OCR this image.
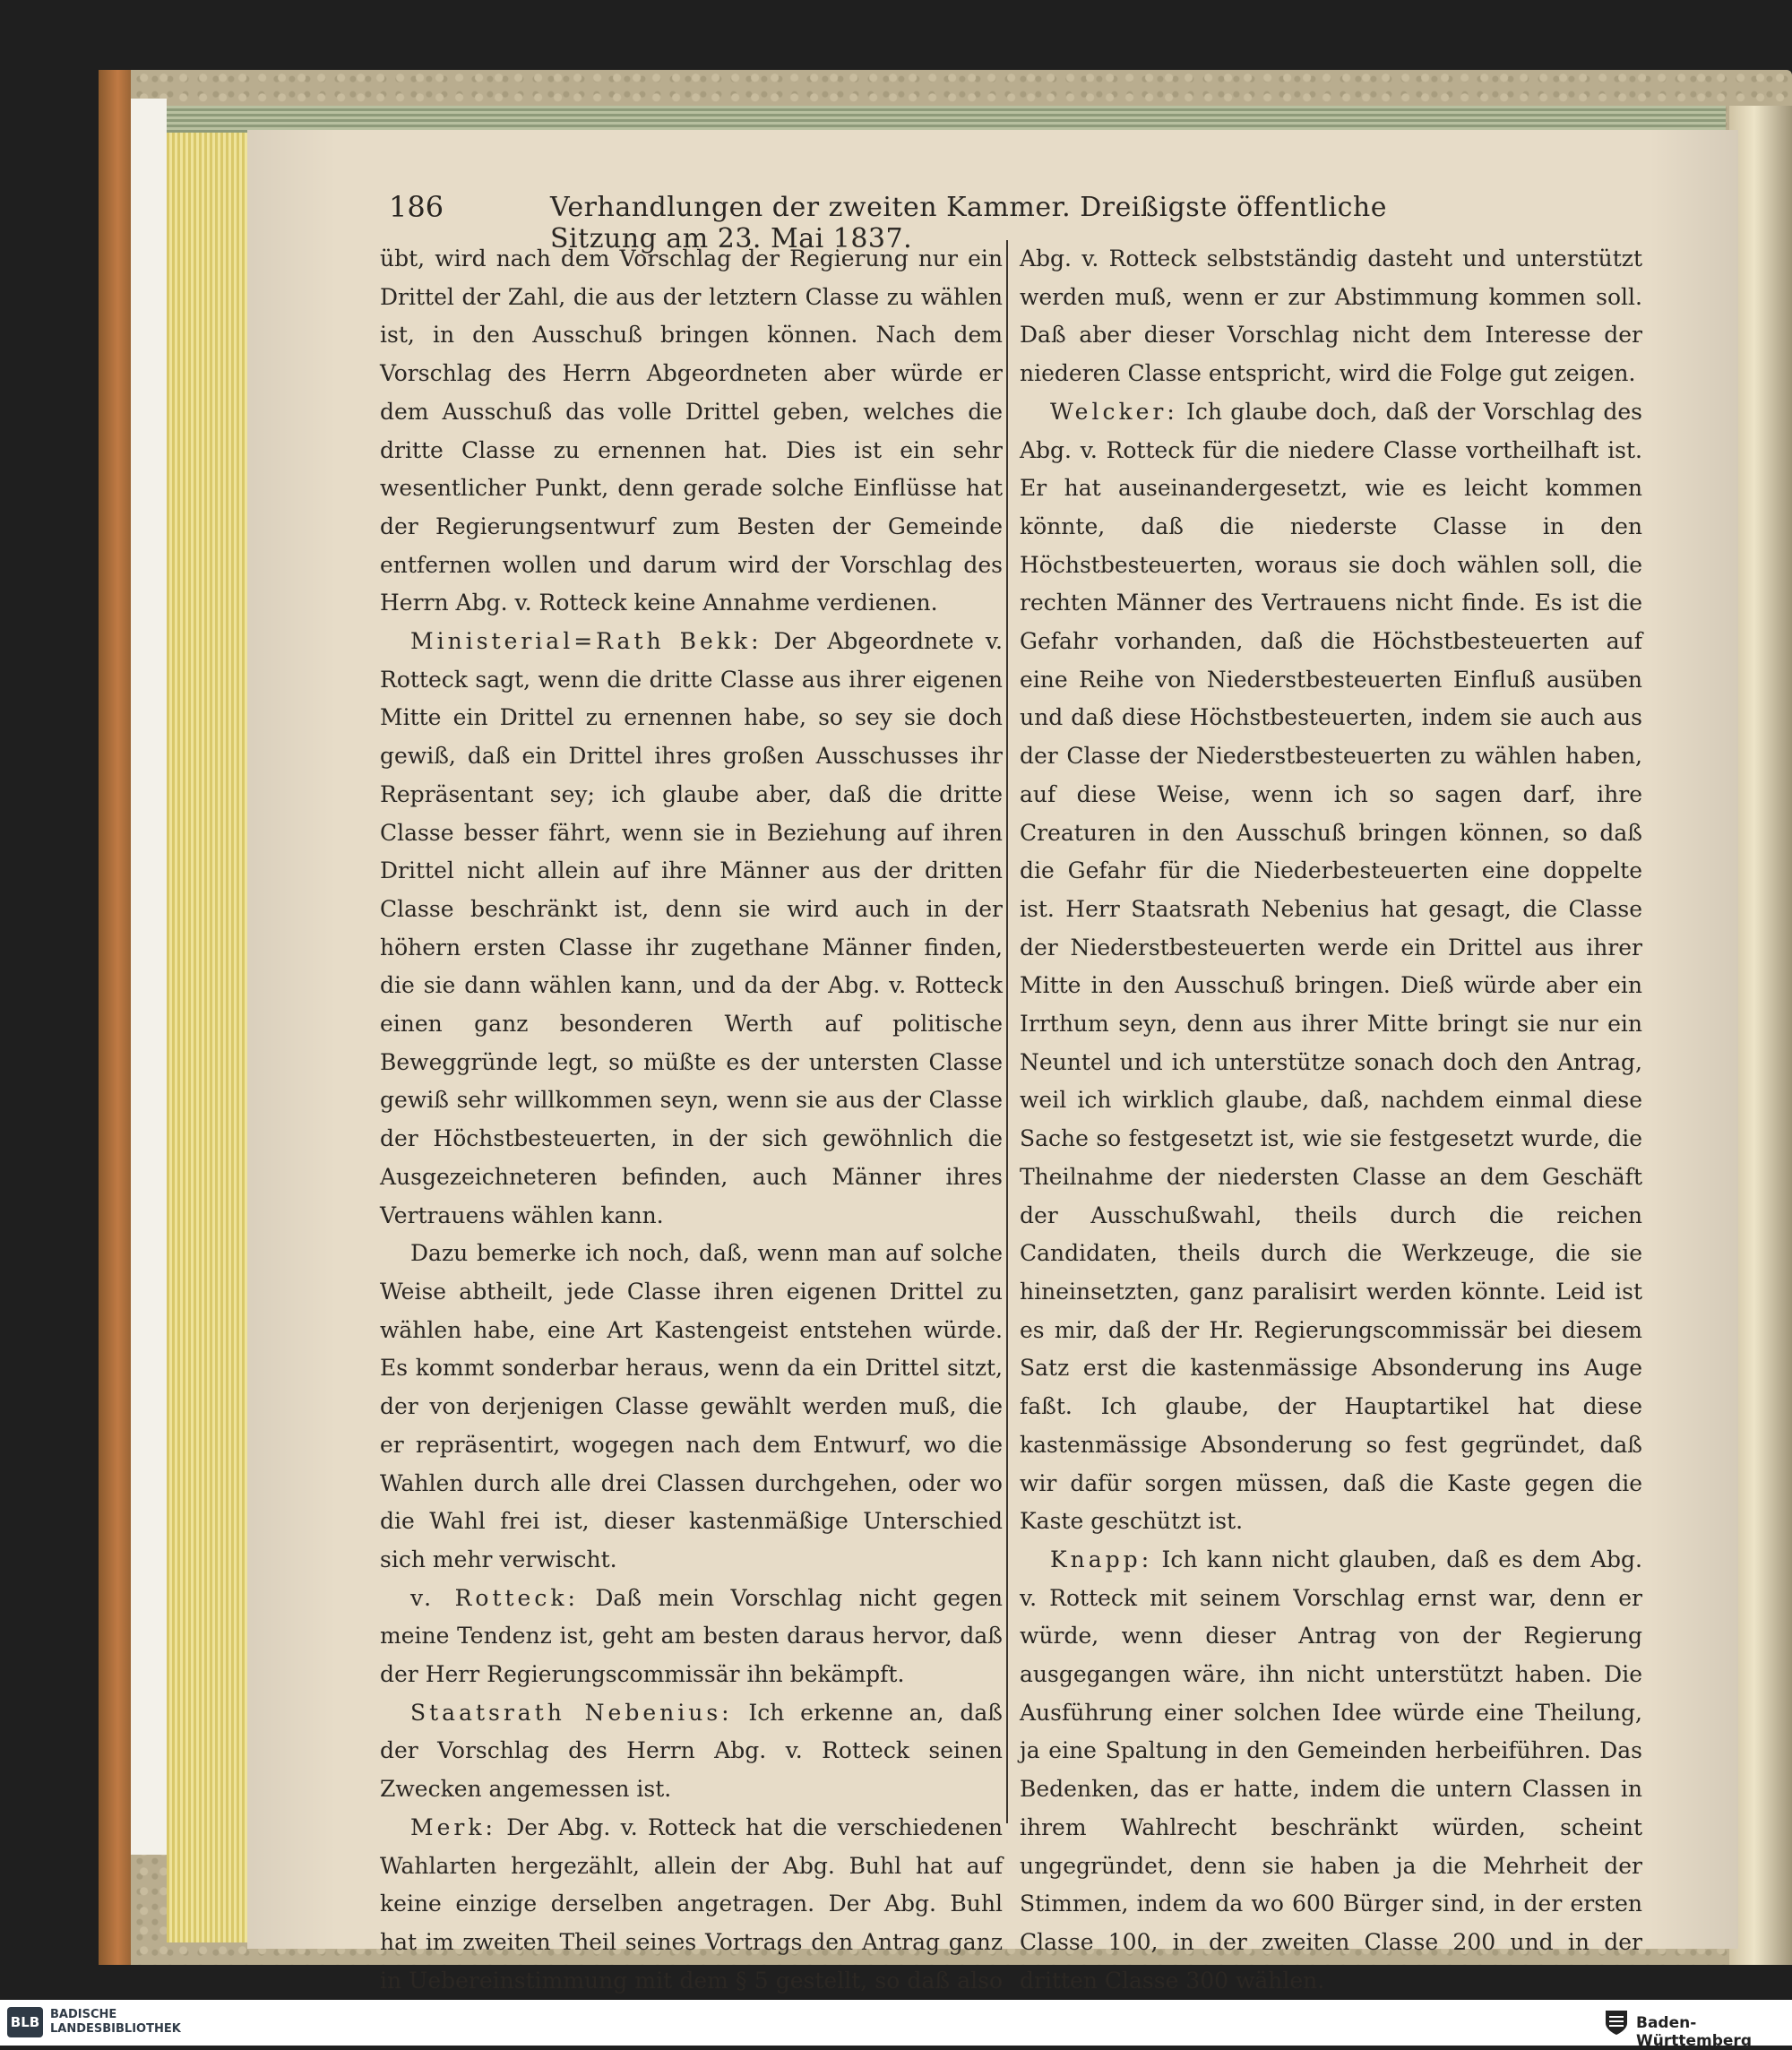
186	Verhandlungen der zweiten Kammer. Dreißigste öffentliche Sitzung am 23. Mai 1837.

übt, wird nach dem Vorschlag der Regierung nur ein Drittel der Zahl, die aus der letztern Classe zu wählen ist, in den Ausschuß bringen können. Nach dem Vorschlag des Herrn Abgeordneten aber würde er dem Ausschuß das volle Drittel geben, welches die dritte Classe zu ernennen hat. Dies ist ein sehr wesentlicher Punkt, denn gerade solche Einflüsse hat der Regierungsentwurf zum Besten der Gemeinde entfernen wollen und darum wird der Vorschlag des Herrn Abg. v. Rotteck keine Annahme verdienen.

Ministerial=Rath Bekk: Der Abgeordnete v. Rotteck sagt, wenn die dritte Classe aus ihrer eigenen Mitte ein Drittel zu ernennen habe, so sey sie doch gewiß, daß ein Drittel ihres großen Ausschusses ihr Repräsentant sey; ich glaube aber, daß die dritte Classe besser fährt, wenn sie in Beziehung auf ihren Drittel nicht allein auf ihre Männer aus der dritten Classe beschränkt ist, denn sie wird auch in der höhern ersten Classe ihr zugethane Männer finden, die sie dann wählen kann, und da der Abg. v. Rotteck einen ganz besonderen Werth auf politische Beweggründe legt, so müßte es der untersten Classe gewiß sehr willkommen seyn, wenn sie aus der Classe der Höchstbesteuerten, in der sich gewöhnlich die Ausgezeichneteren befinden, auch Männer ihres Vertrauens wählen kann.

Dazu bemerke ich noch, daß, wenn man auf solche Weise abtheilt, jede Classe ihren eigenen Drittel zu wählen habe, eine Art Kastengeist entstehen würde. Es kommt sonderbar heraus, wenn da ein Drittel sitzt, der von derjenigen Classe gewählt werden muß, die er repräsentirt, wogegen nach dem Entwurf, wo die Wahlen durch alle drei Classen durchgehen, oder wo die Wahl frei ist, dieser kastenmäßige Unterschied sich mehr verwischt.

v. Rotteck: Daß mein Vorschlag nicht gegen meine Tendenz ist, geht am besten daraus hervor, daß der Herr Regierungscommissär ihn bekämpft.

Staatsrath Nebenius: Ich erkenne an, daß der Vorschlag des Herrn Abg. v. Rotteck seinen Zwecken angemessen ist.

Merk: Der Abg. v. Rotteck hat die verschiedenen Wahlarten hergezählt, allein der Abg. Buhl hat auf keine einzige derselben angetragen. Der Abg. Buhl hat im zweiten Theil seines Vortrags den Antrag ganz in Uebereinstimmung mit dem § 5 gestellt, so daß also

Abg. v. Rotteck selbstständig dasteht und unterstützt werden muß, wenn er zur Abstimmung kommen soll. Daß aber dieser Vorschlag nicht dem Interesse der niederen Classe entspricht, wird die Folge gut zeigen.

Welcker: Ich glaube doch, daß der Vorschlag des Abg. v. Rotteck für die niedere Classe vortheilhaft ist. Er hat auseinandergesetzt, wie es leicht kommen könnte, daß die niederste Classe in den Höchstbesteuerten, woraus sie doch wählen soll, die rechten Männer des Vertrauens nicht finde. Es ist die Gefahr vorhanden, daß die Höchstbesteuerten auf eine Reihe von Niederstbesteuerten Einfluß ausüben und daß diese Höchstbesteuerten, indem sie auch aus der Classe der Niederstbesteuerten zu wählen haben, auf diese Weise, wenn ich so sagen darf, ihre Creaturen in den Ausschuß bringen können, so daß die Gefahr für die Niederbesteuerten eine doppelte ist. Herr Staatsrath Nebenius hat gesagt, die Classe der Niederstbesteuerten werde ein Drittel aus ihrer Mitte in den Ausschuß bringen. Dieß würde aber ein Irrthum seyn, denn aus ihrer Mitte bringt sie nur ein Neuntel und ich unterstütze sonach doch den Antrag, weil ich wirklich glaube, daß, nachdem einmal diese Sache so festgesetzt ist, wie sie festgesetzt wurde, die Theilnahme der niedersten Classe an dem Geschäft der Ausschußwahl, theils durch die reichen Candidaten, theils durch die Werkzeuge, die sie hineinsetzten, ganz paralisirt werden könnte. Leid ist es mir, daß der Hr. Regierungscommissär bei diesem Satz erst die kastenmässige Absonderung ins Auge faßt. Ich glaube, der Hauptartikel hat diese kastenmässige Absonderung so fest gegründet, daß wir dafür sorgen müssen, daß die Kaste gegen die Kaste geschützt ist.

Knapp: Ich kann nicht glauben, daß es dem Abg. v. Rotteck mit seinem Vorschlag ernst war, denn er würde, wenn dieser Antrag von der Regierung ausgegangen wäre, ihn nicht unterstützt haben. Die Ausführung einer solchen Idee würde eine Theilung, ja eine Spaltung in den Gemeinden herbeiführen. Das Bedenken, das er hatte, indem die untern Classen in ihrem Wahlrecht beschränkt würden, scheint ungegründet, denn sie haben ja die Mehrheit der Stimmen, indem da wo 600 Bürger sind, in der ersten Classe 100, in der zweiten Classe 200 und in der dritten Classe 300 wählen.

BLB BADISCHE
LANDESBIBLIOTHEK	Baden-Württemberg
